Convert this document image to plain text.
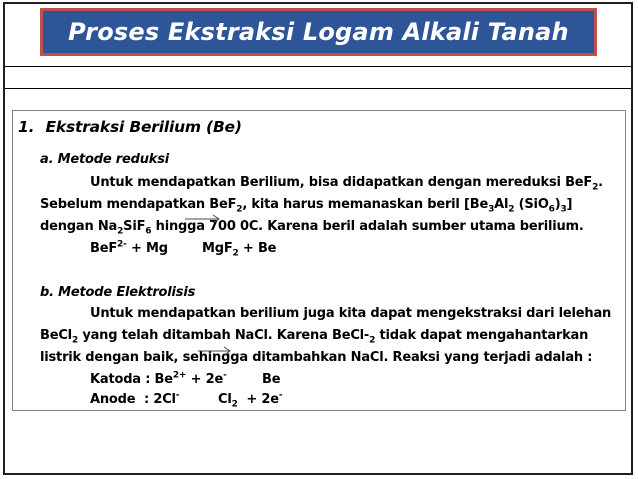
Proses Ekstraksi Logam Alkali Tanah
1. Ekstraksi Berilium (Be)
a. Metode reduksi
Untuk mendapatkan Berilium, bisa didapatkan dengan mereduksi BeF$_2$.
Sebelum mendapatkan BeF$_2$, kita harus memanaskan beril [$Be_3Al_2$ $(SiO_6)_3$]
dengan $Na_2SiF_6$ hingga 700 0C. Karena beril adalah sumber utama berilium.
BeF$^{2-}$ + Mg	MgF$_2$ + Be
b. Metode Elektrolisis
Untuk mendapatkan berilium juga kita dapat mengekstraksi dari lelehan
BeCl$_2$ yang telah ditambah NaCl. Karena BeCl-$_2$ tidak dapat mengahantarkan
listrik dengan baik, sehingga ditambahkan NaCl. Reaksi yang terjadi adalah :
Katoda : $Be^{2+} + 2e^-$	Be
Anode  : 2Cl-	$Cl_2 + 2e^-$
